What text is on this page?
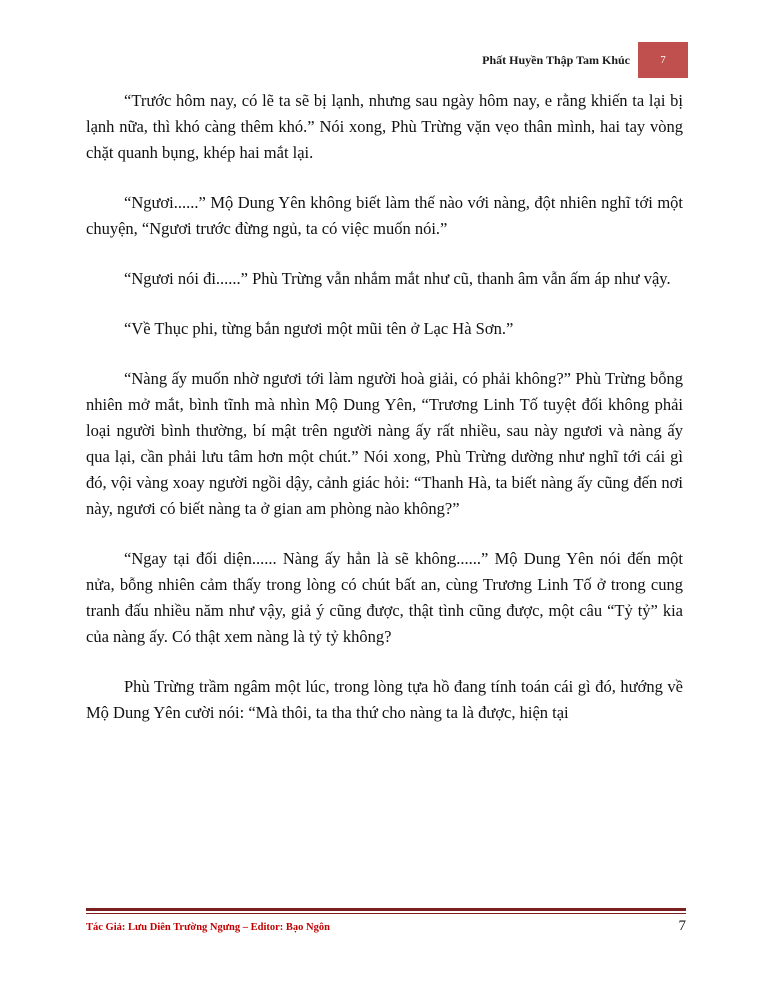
Phất Huyền Thập Tam Khúc	7

“Trước hôm nay, có lẽ ta sẽ bị lạnh, nhưng sau ngày hôm nay, e rằng khiến ta lại bị lạnh nữa, thì khó càng thêm khó.” Nói xong, Phù Trừng vặn vẹo thân mình, hai tay vòng chặt quanh bụng, khép hai mắt lại.

“Ngươi......” Mộ Dung Yên không biết làm thế nào với nàng, đột nhiên nghĩ tới một chuyện, “Ngươi trước đừng ngủ, ta có việc muốn nói.”

“Ngươi nói đi......” Phù Trừng vẫn nhắm mắt như cũ, thanh âm vẫn ấm áp như vậy.

“Về Thục phi, từng bắn ngươi một mũi tên ở Lạc Hà Sơn.”

“Nàng ấy muốn nhờ ngươi tới làm người hoà giải, có phải không?” Phù Trừng bỗng nhiên mở mắt, bình tĩnh mà nhìn Mộ Dung Yên, “Trương Linh Tố tuyệt đối không phải loại người bình thường, bí mật trên người nàng ấy rất nhiều, sau này ngươi và nàng ấy qua lại, cần phải lưu tâm hơn một chút.” Nói xong, Phù Trừng dường như nghĩ tới cái gì đó, vội vàng xoay người ngồi dậy, cảnh giác hỏi: “Thanh Hà, ta biết nàng ấy cũng đến nơi này, ngươi có biết nàng ta ở gian am phòng nào không?”

“Ngay tại đối diện...... Nàng ấy hẳn là sẽ không......” Mộ Dung Yên nói đến một nửa, bỗng nhiên cảm thấy trong lòng có chút bất an, cùng Trương Linh Tố ở trong cung tranh đấu nhiều năm như vậy, giả ý cũng được, thật tình cũng được, một câu “Tỷ tỷ” kia của nàng ấy. Có thật xem nàng là tỷ tỷ không?

Phù Trừng trầm ngâm một lúc, trong lòng tựa hồ đang tính toán cái gì đó, hướng về Mộ Dung Yên cười nói: “Mà thôi, ta tha thứ cho nàng ta là được, hiện tại

Tác Giả: Lưu Diên Trường Ngưng – Editor: Bạo Ngôn	7
